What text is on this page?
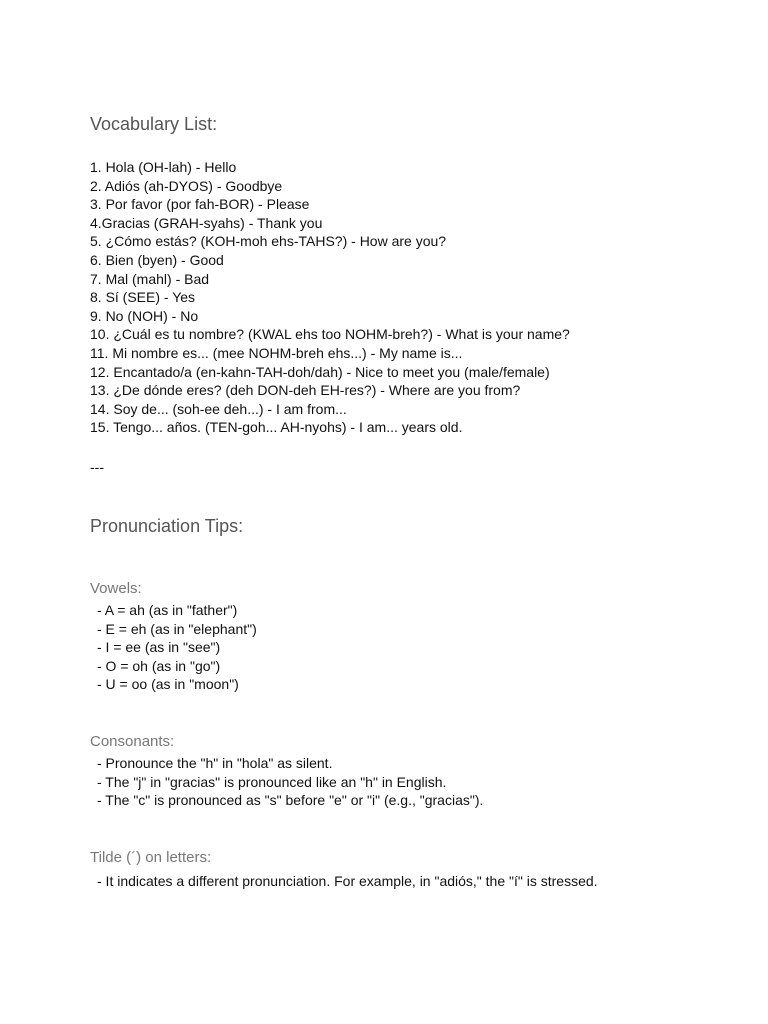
Vocabulary List:
1. Hola (OH-lah) - Hello
2. Adiós (ah-DYOS) - Goodbye
3. Por favor (por fah-BOR) - Please
4.Gracias (GRAH-syahs) - Thank you
5. ¿Cómo estás? (KOH-moh ehs-TAHS?) - How are you?
6. Bien (byen) - Good
7. Mal (mahl) - Bad
8. Sí (SEE) - Yes
9. No (NOH) - No
10. ¿Cuál es tu nombre? (KWAL ehs too NOHM-breh?) - What is your name?
11. Mi nombre es... (mee NOHM-breh ehs...) - My name is...
12. Encantado/a (en-kahn-TAH-doh/dah) - Nice to meet you (male/female)
13. ¿De dónde eres? (deh DON-deh EH-res?) - Where are you from?
14. Soy de... (soh-ee deh...) - I am from...
15. Tengo... años. (TEN-goh... AH-nyohs) - I am... years old.
---
Pronunciation Tips:
Vowels:
- A = ah (as in "father")
- E = eh (as in "elephant")
- I = ee (as in "see")
- O = oh (as in "go")
- U = oo (as in "moon")
Consonants:
- Pronounce the "h" in "hola" as silent.
- The "j" in "gracias" is pronounced like an "h" in English.
- The "c" is pronounced as "s" before "e" or "i" (e.g., "gracias").
Tilde (´) on letters:
- It indicates a different pronunciation. For example, in "adiós," the "í" is stressed.
